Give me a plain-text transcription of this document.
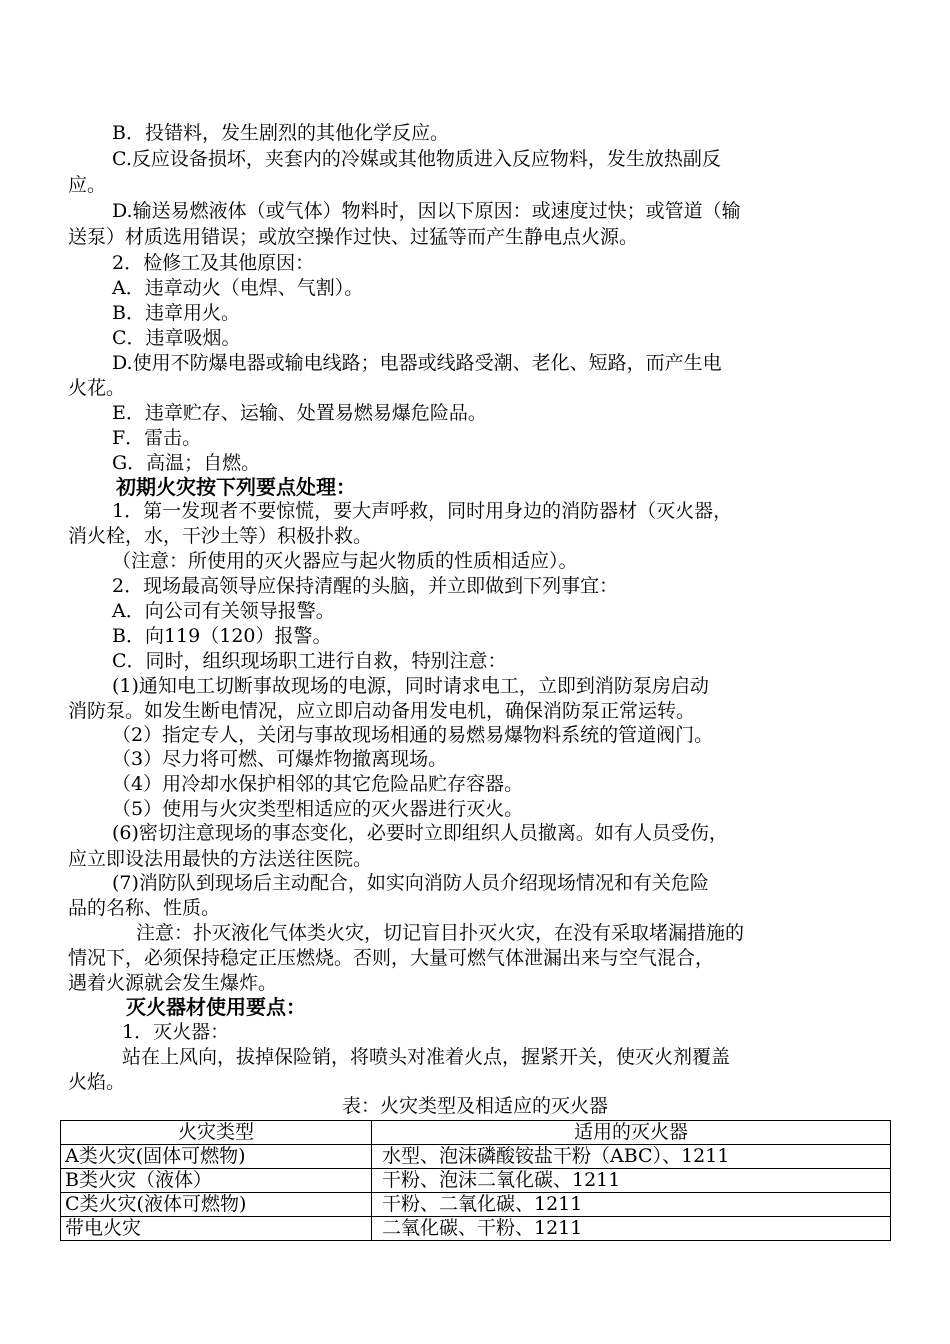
B．投错料，发生剧烈的其他化学反应。
C.反应设备损坏，夹套内的冷媒或其他物质进入反应物料，发生放热副反
应。
D.输送易燃液体（或气体）物料时，因以下原因：或速度过快；或管道（输
送泵）材质选用错误；或放空操作过快、过猛等而产生静电点火源。
2．检修工及其他原因：
A．违章动火（电焊、气割）。
B．违章用火。
C．违章吸烟。
D.使用不防爆电器或输电线路；电器或线路受潮、老化、短路，而产生电
火花。
E．违章贮存、运输、处置易燃易爆危险品。
F．雷击。
G．高温；自燃。
初期火灾按下列要点处理：
1．第一发现者不要惊慌，要大声呼救，同时用身边的消防器材（灭火器，
消火栓，水，干沙土等）积极扑救。
（注意：所使用的灭火器应与起火物质的性质相适应）。
2．现场最高领导应保持清醒的头脑，并立即做到下列事宜：
A．向公司有关领导报警。
B．向119（120）报警。
C．同时，组织现场职工进行自救，特别注意：
(1)通知电工切断事故现场的电源，同时请求电工，立即到消防泵房启动
消防泵。如发生断电情况，应立即启动备用发电机，确保消防泵正常运转。
（2）指定专人，关闭与事故现场相通的易燃易爆物料系统的管道阀门。
（3）尽力将可燃、可爆炸物撤离现场。
（4）用冷却水保护相邻的其它危险品贮存容器。
（5）使用与火灾类型相适应的灭火器进行灭火。
(6)密切注意现场的事态变化，必要时立即组织人员撤离。如有人员受伤，
应立即设法用最快的方法送往医院。
(7)消防队到现场后主动配合，如实向消防人员介绍现场情况和有关危险
品的名称、性质。
注意：扑灭液化气体类火灾，切记盲目扑灭火灾，在没有采取堵漏措施的
情况下，必须保持稳定正压燃烧。否则，大量可燃气体泄漏出来与空气混合，
遇着火源就会发生爆炸。
灭火器材使用要点：
1．灭火器：
站在上风向，拔掉保险销，将喷头对准着火点，握紧开关，使灭火剂覆盖
火焰。
表：火灾类型及相适应的灭火器
火灾类型	适用的灭火器
A类火灾(固体可燃物)	水型、泡沫磷酸铵盐干粉（ABC）、1211
B类火灾（液体）	干粉、泡沫二氧化碳、1211
C类火灾(液体可燃物)	干粉、二氧化碳、1211
带电火灾	二氧化碳、干粉、1211
